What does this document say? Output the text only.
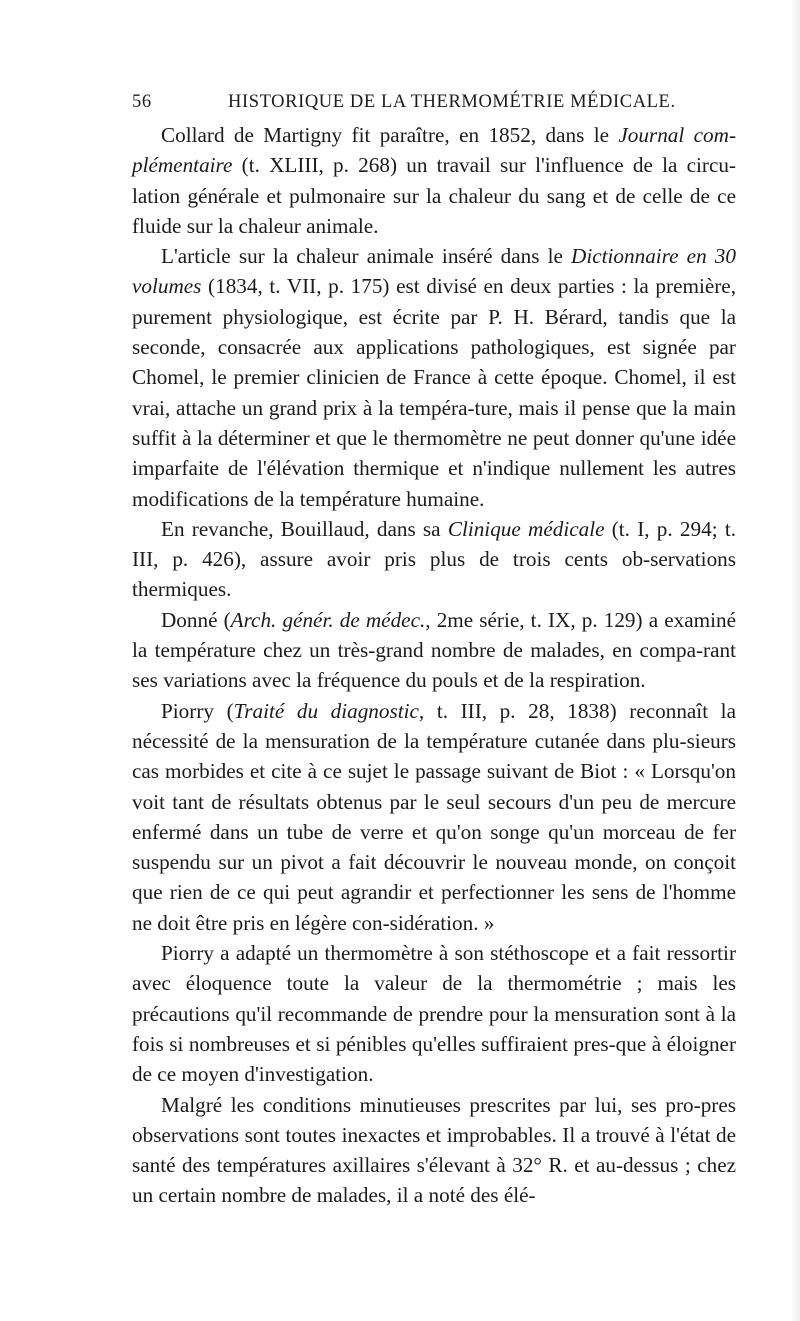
56	HISTORIQUE DE LA THERMOMÉTRIE MÉDICALE.

Collard de Martigny fit paraître, en 1852, dans le Journal com-plémentaire (t. XLIII, p. 268) un travail sur l'influence de la circu-lation générale et pulmonaire sur la chaleur du sang et de celle de ce fluide sur la chaleur animale.

L'article sur la chaleur animale inséré dans le Dictionnaire en 30 volumes (1834, t. VII, p. 175) est divisé en deux parties : la première, purement physiologique, est écrite par P. H. Bérard, tandis que la seconde, consacrée aux applications pathologiques, est signée par Chomel, le premier clinicien de France à cette époque. Chomel, il est vrai, attache un grand prix à la tempéra-ture, mais il pense que la main suffit à la déterminer et que le thermomètre ne peut donner qu'une idée imparfaite de l'élévation thermique et n'indique nullement les autres modifications de la température humaine.

En revanche, Bouillaud, dans sa Clinique médicale (t. I, p. 294; t. III, p. 426), assure avoir pris plus de trois cents ob-servations thermiques.

Donné (Arch. génér. de médec., 2me série, t. IX, p. 129) a examiné la température chez un très-grand nombre de malades, en compa-rant ses variations avec la fréquence du pouls et de la respiration.

Piorry (Traité du diagnostic, t. III, p. 28, 1838) reconnaît la nécessité de la mensuration de la température cutanée dans plu-sieurs cas morbides et cite à ce sujet le passage suivant de Biot : « Lorsqu'on voit tant de résultats obtenus par le seul secours d'un peu de mercure enfermé dans un tube de verre et qu'on songe qu'un morceau de fer suspendu sur un pivot a fait découvrir le nouveau monde, on conçoit que rien de ce qui peut agrandir et perfectionner les sens de l'homme ne doit être pris en légère con-sidération. »

Piorry a adapté un thermomètre à son stéthoscope et a fait ressortir avec éloquence toute la valeur de la thermométrie ; mais les précautions qu'il recommande de prendre pour la mensuration sont à la fois si nombreuses et si pénibles qu'elles suffiraient pres-que à éloigner de ce moyen d'investigation.

Malgré les conditions minutieuses prescrites par lui, ses pro-pres observations sont toutes inexactes et improbables. Il a trouvé à l'état de santé des températures axillaires s'élevant à 32° R. et au-dessus ; chez un certain nombre de malades, il a noté des élé-
